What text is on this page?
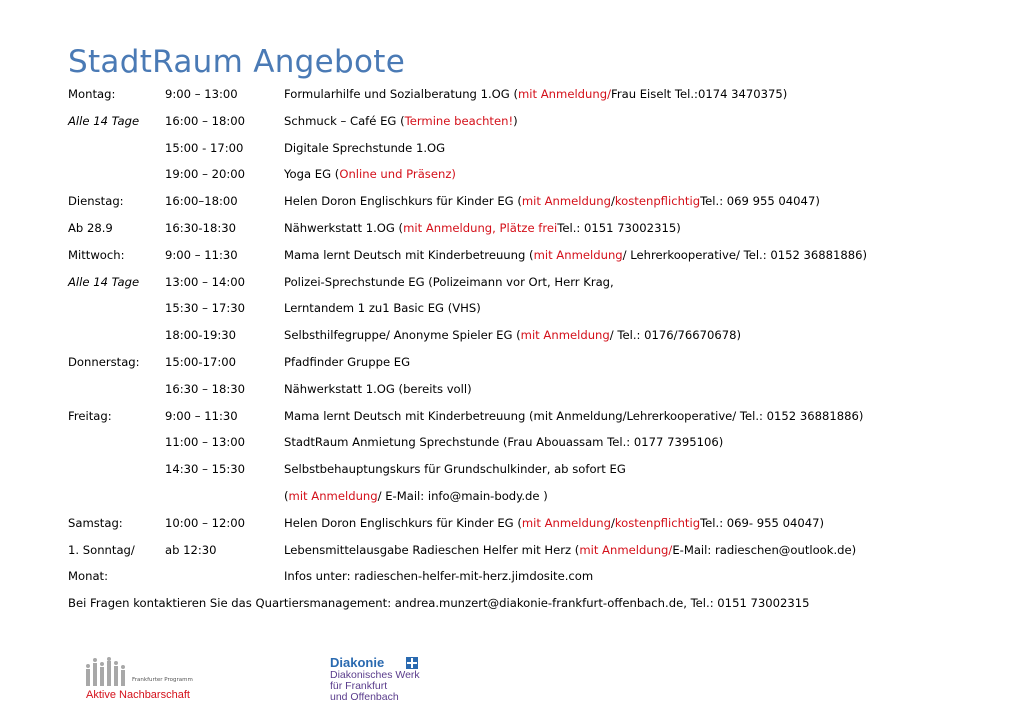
StadtRaum Angebote
Montag:	9:00 – 13:00	Formularhilfe und Sozialberatung 1.OG (mit Anmeldung/Frau Eiselt Tel.:0174 3470375)
Alle 14 Tage 16:00 – 18:00	Schmuck – Café EG (Termine beachten!)
15:00 - 17:00	Digitale Sprechstunde 1.OG
19:00 – 20:00	Yoga EG (Online und Präsenz)
Dienstag:	16:00–18:00	Helen Doron Englischkurs für Kinder EG (mit Anmeldung/kostenpflichtigTel.: 069 955 04047)
Ab 28.9	16:30-18:30	Nähwerkstatt 1.OG (mit Anmeldung, Plätze freiTel.: 0151 73002315)
Mittwoch:	9:00 – 11:30	Mama lernt Deutsch mit Kinderbetreuung (mit Anmeldung/ Lehrerkooperative/ Tel.: 0152 36881886)
Alle 14 Tage 13:00 – 14:00	Polizei-Sprechstunde EG (Polizeimann vor Ort, Herr Krag,
15:30 – 17:30	Lerntandem 1 zu1 Basic EG (VHS)
18:00-19:30	Selbsthilfegruppe/ Anonyme Spieler EG (mit Anmeldung/ Tel.: 0176/76670678)
Donnerstag: 15:00-17:00	Pfadfinder Gruppe EG
16:30 – 18:30	Nähwerkstatt 1.OG (bereits voll)
Freitag:	9:00 – 11:30	Mama lernt Deutsch mit Kinderbetreuung (mit Anmeldung/Lehrerkooperative/ Tel.: 0152 36881886)
11:00 – 13:00	StadtRaum Anmietung Sprechstunde (Frau Abouassam Tel.: 0177 7395106)
14:30 – 15:30	Selbstbehauptungskurs für Grundschulkinder, ab sofort EG
(mit Anmeldung/ E-Mail: info@main-body.de )
Samstag:	10:00 – 12:00	Helen Doron Englischkurs für Kinder EG (mit Anmeldung/kostenpflichtigTel.: 069- 955 04047)
1. Sonntag/	ab 12:30	Lebensmittelausgabe Radieschen Helfer mit Herz (mit Anmeldung/E-Mail: radieschen@outlook.de)
Monat:	Infos unter: radieschen-helfer-mit-herz.jimdosite.com
Bei Fragen kontaktieren Sie das Quartiersmanagement: andrea.munzert@diakonie-frankfurt-offenbach.de, Tel.: 0151 73002315
Frankfurter Programm
Aktive Nachbarschaft
Diakonie
Diakonisches Werk
für Frankfurt
und Offenbach
